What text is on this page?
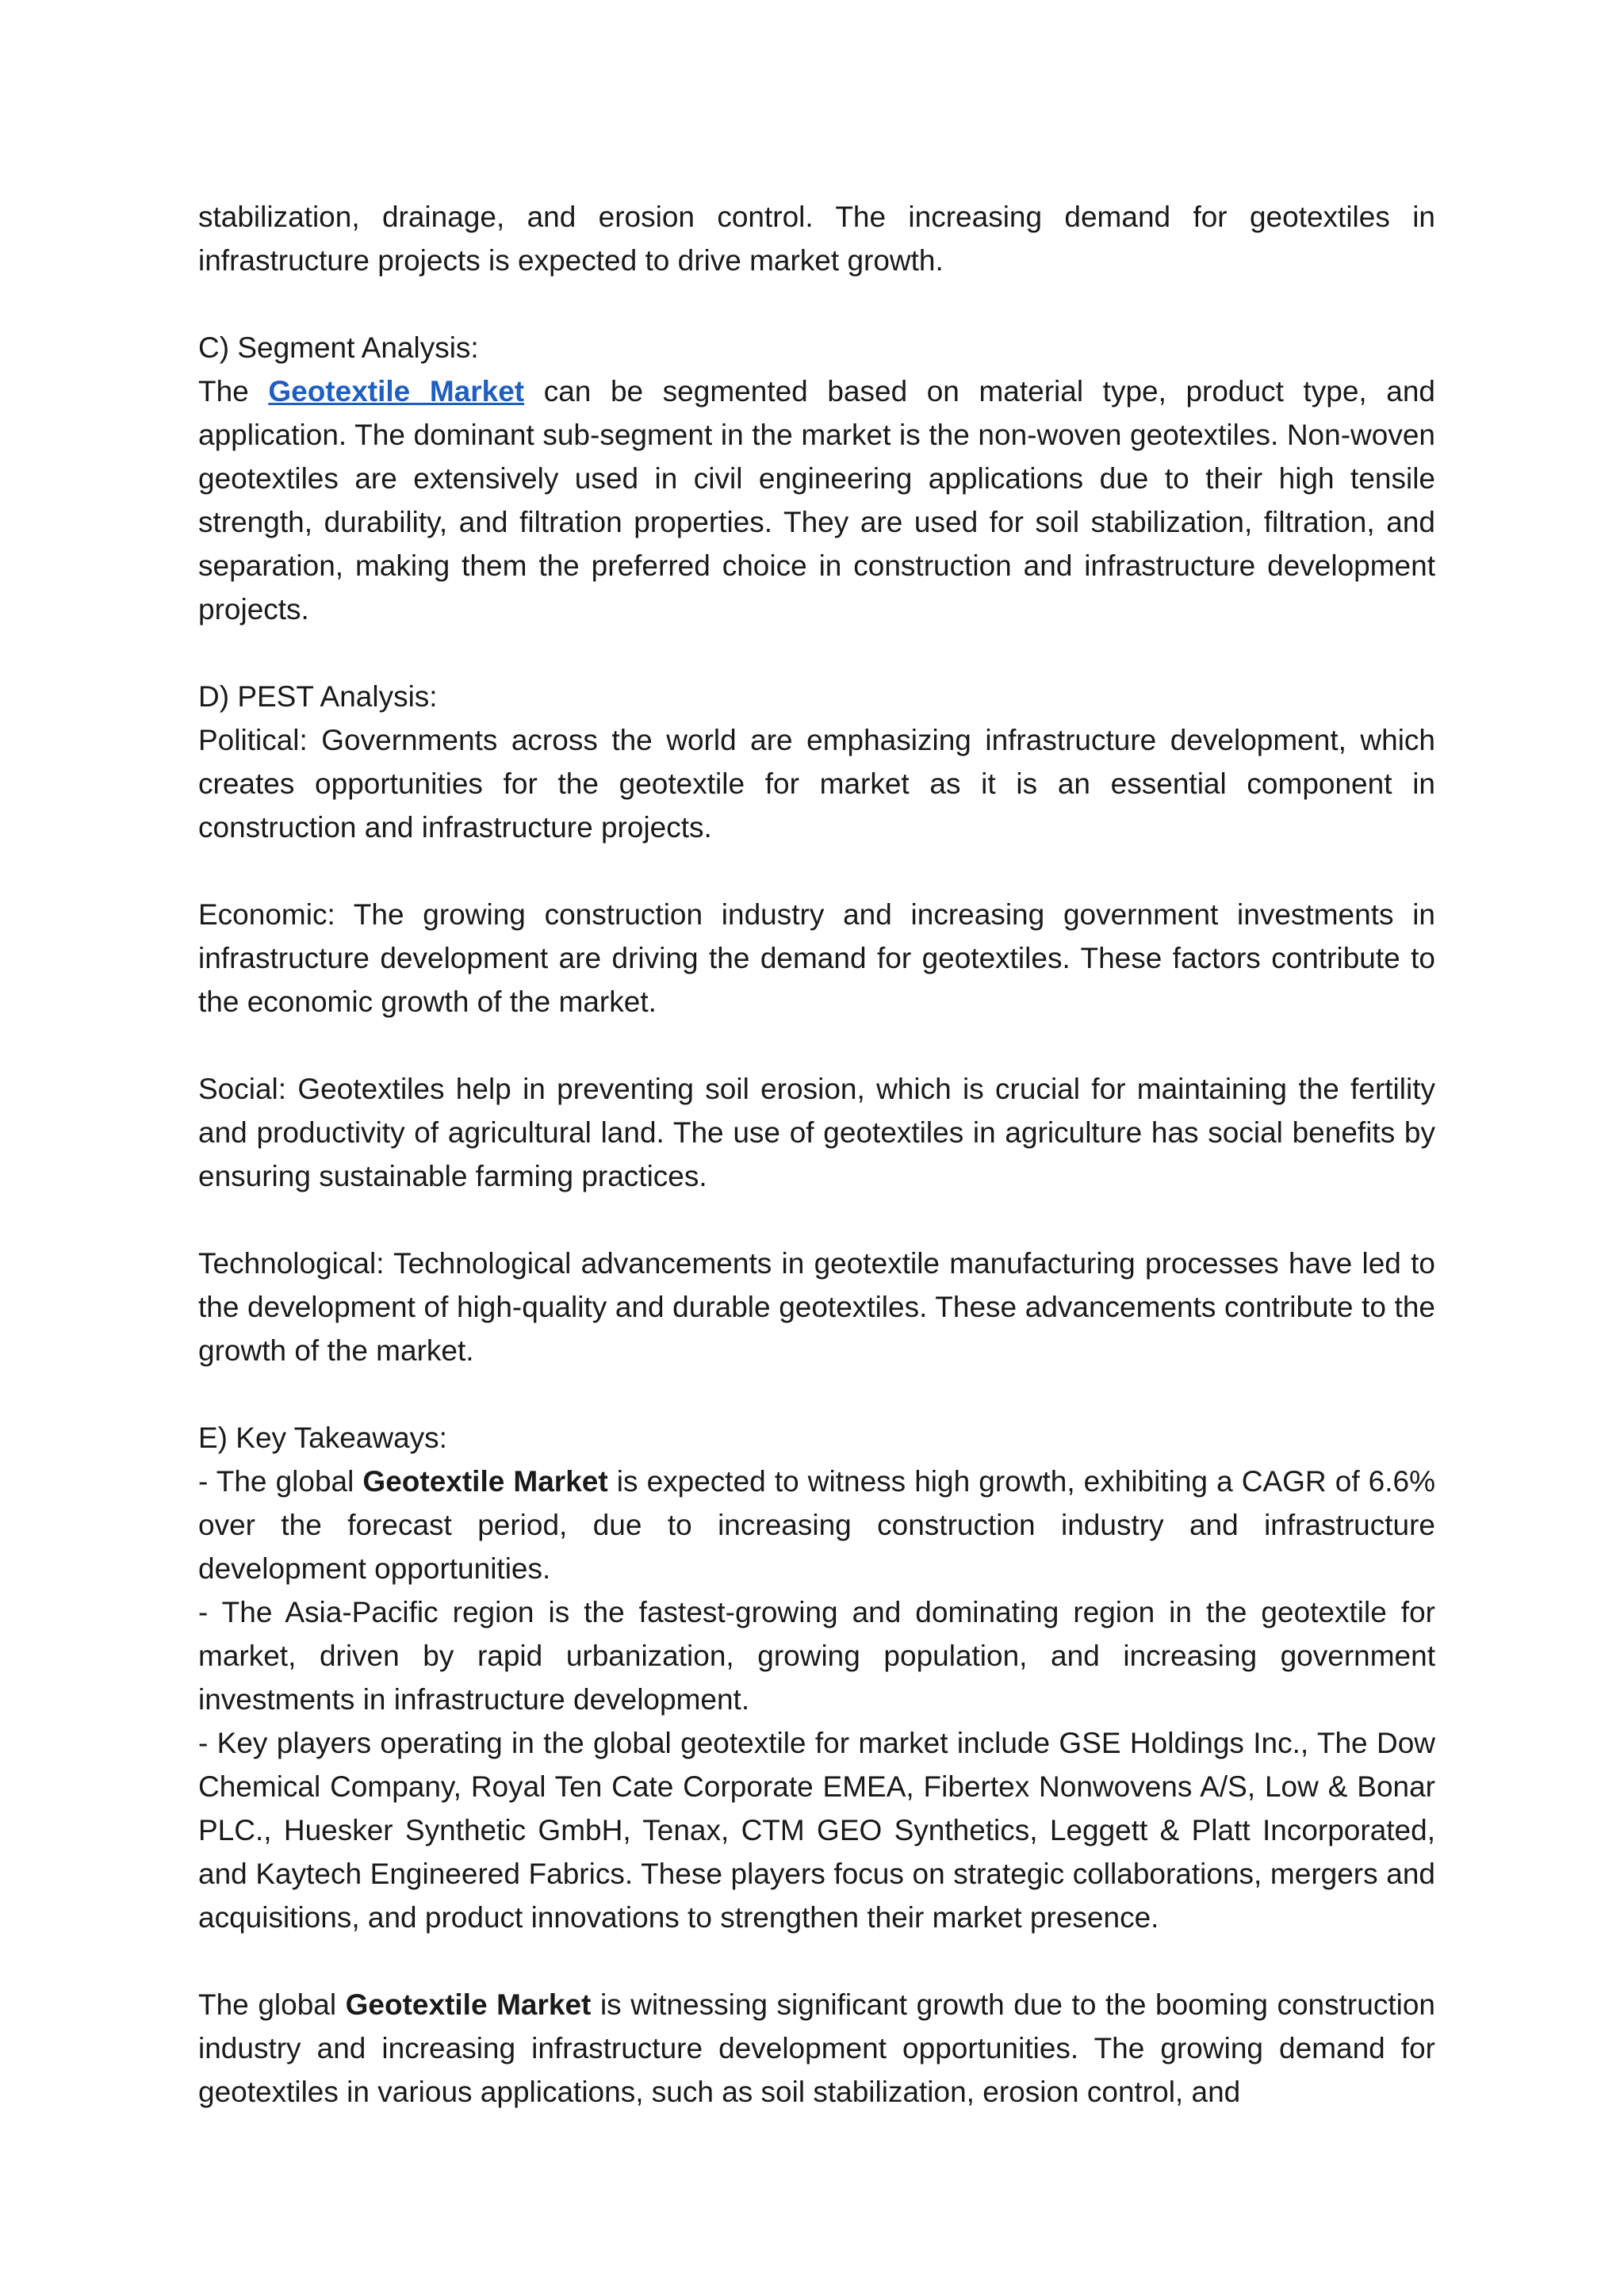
stabilization, drainage, and erosion control. The increasing demand for geotextiles in infrastructure projects is expected to drive market growth.

C) Segment Analysis:

The Geotextile Market can be segmented based on material type, product type, and application. The dominant sub-segment in the market is the non-woven geotextiles. Non-woven geotextiles are extensively used in civil engineering applications due to their high tensile strength, durability, and filtration properties. They are used for soil stabilization, filtration, and separation, making them the preferred choice in construction and infrastructure development projects.

D) PEST Analysis:

Political: Governments across the world are emphasizing infrastructure development, which creates opportunities for the geotextile for market as it is an essential component in construction and infrastructure projects.

Economic: The growing construction industry and increasing government investments in infrastructure development are driving the demand for geotextiles. These factors contribute to the economic growth of the market.

Social: Geotextiles help in preventing soil erosion, which is crucial for maintaining the fertility and productivity of agricultural land. The use of geotextiles in agriculture has social benefits by ensuring sustainable farming practices.

Technological: Technological advancements in geotextile manufacturing processes have led to the development of high-quality and durable geotextiles. These advancements contribute to the growth of the market.

E) Key Takeaways:

- The global Geotextile Market is expected to witness high growth, exhibiting a CAGR of 6.6% over the forecast period, due to increasing construction industry and infrastructure development opportunities.

- The Asia-Pacific region is the fastest-growing and dominating region in the geotextile for market, driven by rapid urbanization, growing population, and increasing government investments in infrastructure development.

- Key players operating in the global geotextile for market include GSE Holdings Inc., The Dow Chemical Company, Royal Ten Cate Corporate EMEA, Fibertex Nonwovens A/S, Low & Bonar PLC., Huesker Synthetic GmbH, Tenax, CTM GEO Synthetics, Leggett & Platt Incorporated, and Kaytech Engineered Fabrics. These players focus on strategic collaborations, mergers and acquisitions, and product innovations to strengthen their market presence.

The global Geotextile Market is witnessing significant growth due to the booming construction industry and increasing infrastructure development opportunities. The growing demand for geotextiles in various applications, such as soil stabilization, erosion control, and
